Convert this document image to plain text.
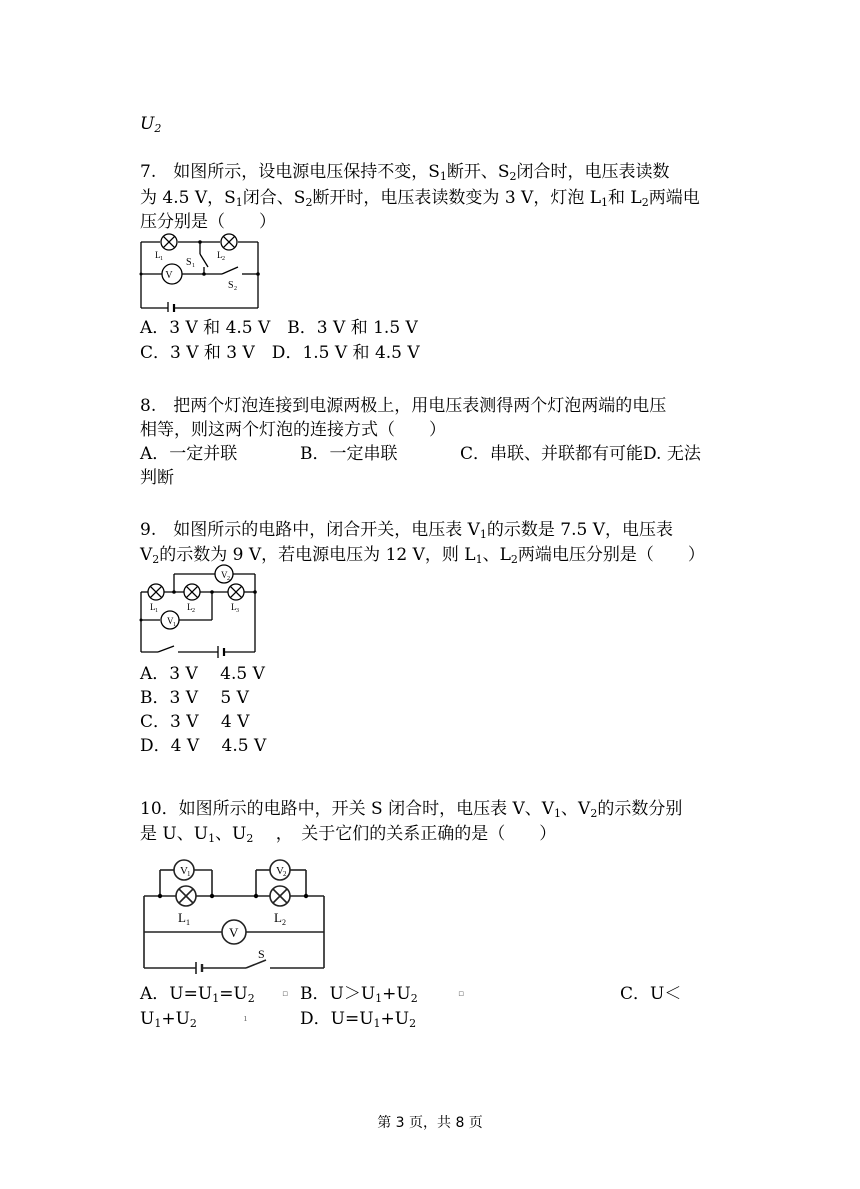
$U_2$
7.　如图所示，设电源电压保持不变，$S_1$断开、$S_2$闭合时，电压表读数
为 4.5 V，$S_1$闭合、$S_2$断开时，电压表读数变为 3 V，灯泡 $L_1$和 $L_2$两端电
压分别是（　　）
V
L 1	L 2
S 1
S 2
A．3 V 和 4.5 V　B．3 V 和 1.5 V
C．3 V 和 3 V　D．1.5 V 和 4.5 V
8.　把两个灯泡连接到电源两极上，用电压表测得两个灯泡两端的电压
相等，则这两个灯泡的连接方式（　　）
A．一定并联	B．一定串联	C．串联、并联都有可能D. 无法
判断
9.　如图所示的电路中，闭合开关，电压表 $V_1$的示数是 7.5 V，电压表
$V_2$的示数为 9 V，若电源电压为 12 V，则 $L_1$、$L_2$两端电压分别是（　　）
V 2
V 1
L 1	L 2	L 3
A．3 V　 4.5 V
B．3 V　 5 V
C．3 V　 4 V
D．4 V　 4.5 V
10．如图所示的电路中，开关 S 闭合时，电压表 V、$V_1$、$V_2$的示数分别
是 U、$U_1$、$U_2$　 ，　关于它们的关系正确的是（　　）
V 1	V 2
L 1	L 2
V
S
A．$U=U_1=U_2$	▫ B．$U>U_1+U_2$	▫	C．U＜
$U_1+U_2$	ı	D．$U=U_1+U_2$
第 3 页，共 8 页
